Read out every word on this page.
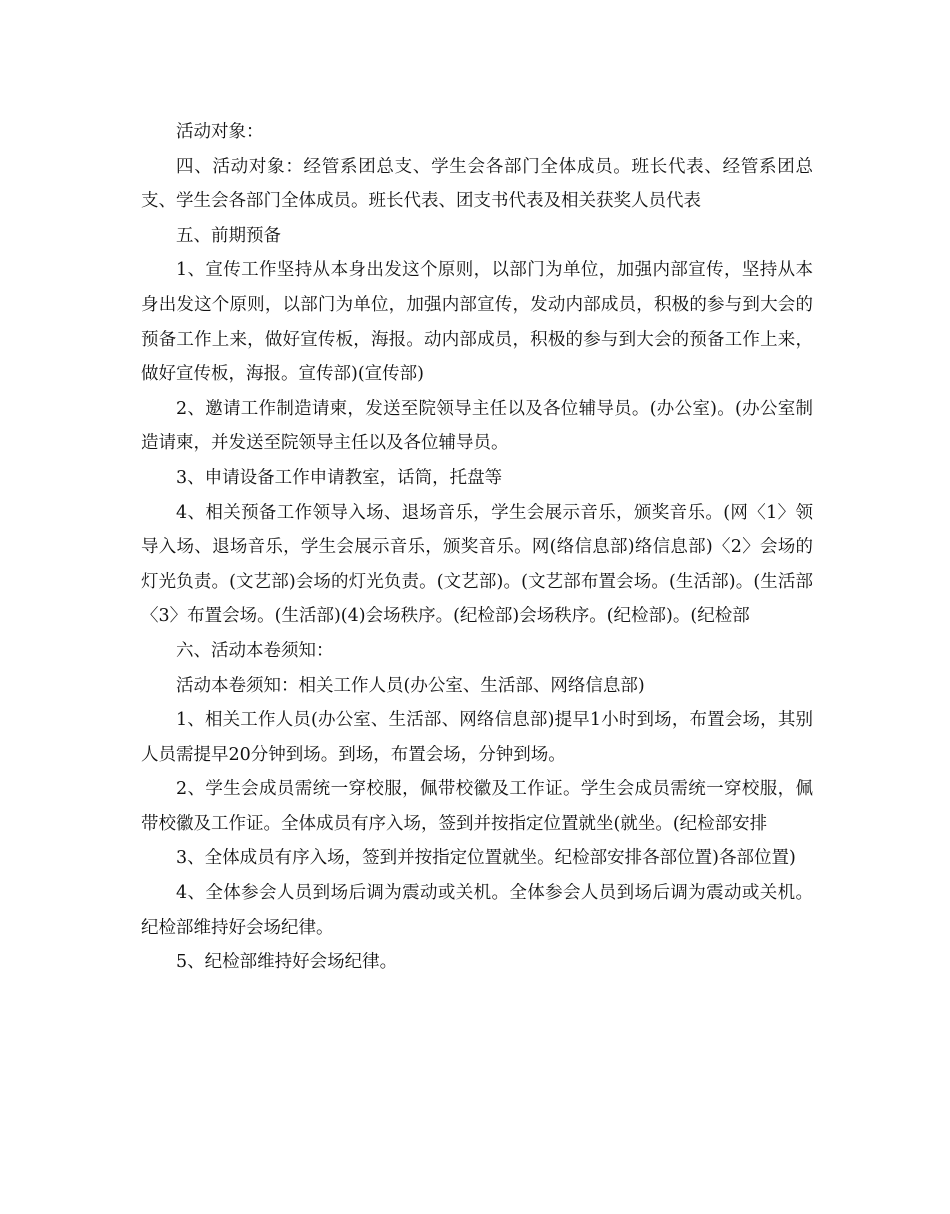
活动对象：

四、活动对象：经管系团总支、学生会各部门全体成员。班长代表、经管系团总支、学生会各部门全体成员。班长代表、团支书代表及相关获奖人员代表

五、前期预备

1、宣传工作坚持从本身出发这个原则，以部门为单位，加强内部宣传，坚持从本身出发这个原则，以部门为单位，加强内部宣传，发动内部成员，积极的参与到大会的预备工作上来，做好宣传板，海报。动内部成员，积极的参与到大会的预备工作上来，做好宣传板，海报。宣传部)(宣传部)

2、邀请工作制造请柬，发送至院领导主任以及各位辅导员。(办公室)。(办公室制造请柬，并发送至院领导主任以及各位辅导员。

3、申请设备工作申请教室，话筒，托盘等

4、相关预备工作领导入场、退场音乐，学生会展示音乐，颁奖音乐。(网〈1〉领导入场、退场音乐，学生会展示音乐，颁奖音乐。网(络信息部)络信息部)〈2〉会场的灯光负责。(文艺部)会场的灯光负责。(文艺部)。(文艺部布置会场。(生活部)。(生活部〈3〉布置会场。(生活部)(4)会场秩序。(纪检部)会场秩序。(纪检部)。(纪检部

六、活动本卷须知：

活动本卷须知：相关工作人员(办公室、生活部、网络信息部)

1、相关工作人员(办公室、生活部、网络信息部)提早1小时到场，布置会场，其别人员需提早20分钟到场。到场，布置会场，分钟到场。

2、学生会成员需统一穿校服，佩带校徽及工作证。学生会成员需统一穿校服，佩带校徽及工作证。全体成员有序入场，签到并按指定位置就坐(就坐。(纪检部安排

3、全体成员有序入场，签到并按指定位置就坐。纪检部安排各部位置)各部位置)

4、全体参会人员到场后调为震动或关机。全体参会人员到场后调为震动或关机。纪检部维持好会场纪律。

5、纪检部维持好会场纪律。
